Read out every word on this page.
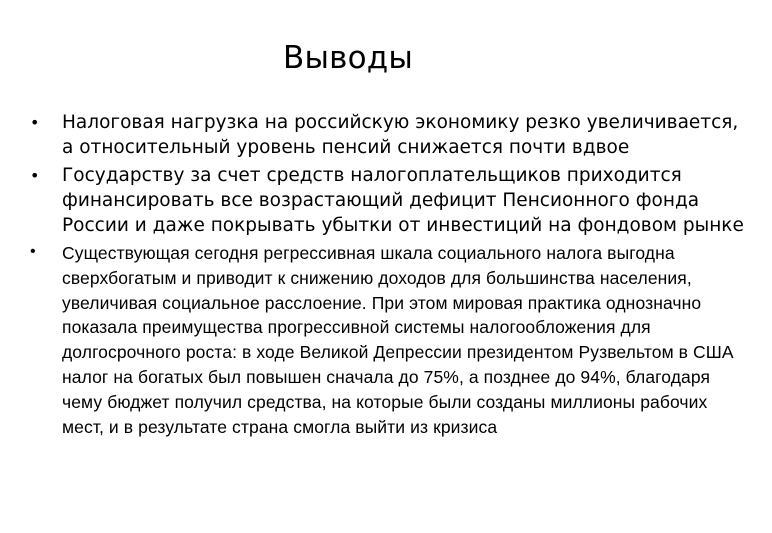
Выводы
• Налоговая нагрузка на российскую экономику резко увеличивается, а относительный уровень пенсий снижается почти вдвое
• Государству за счет средств налогоплательщиков приходится финансировать все возрастающий дефицит Пенсионного фонда России и даже покрывать убытки от инвестиций на фондовом рынке
• Существующая сегодня регрессивная шкала социального налога выгодна сверхбогатым и приводит к снижению доходов для большинства населения, увеличивая социальное расслоение. При этом мировая практика однозначно показала преимущества прогрессивной системы налогообложения для долгосрочного роста: в ходе Великой Депрессии президентом Рузвельтом в США налог на богатых был повышен сначала до 75%, а позднее до 94%, благодаря чему бюджет получил средства, на которые были созданы миллионы рабочих мест, и в результате страна смогла выйти из кризиса
